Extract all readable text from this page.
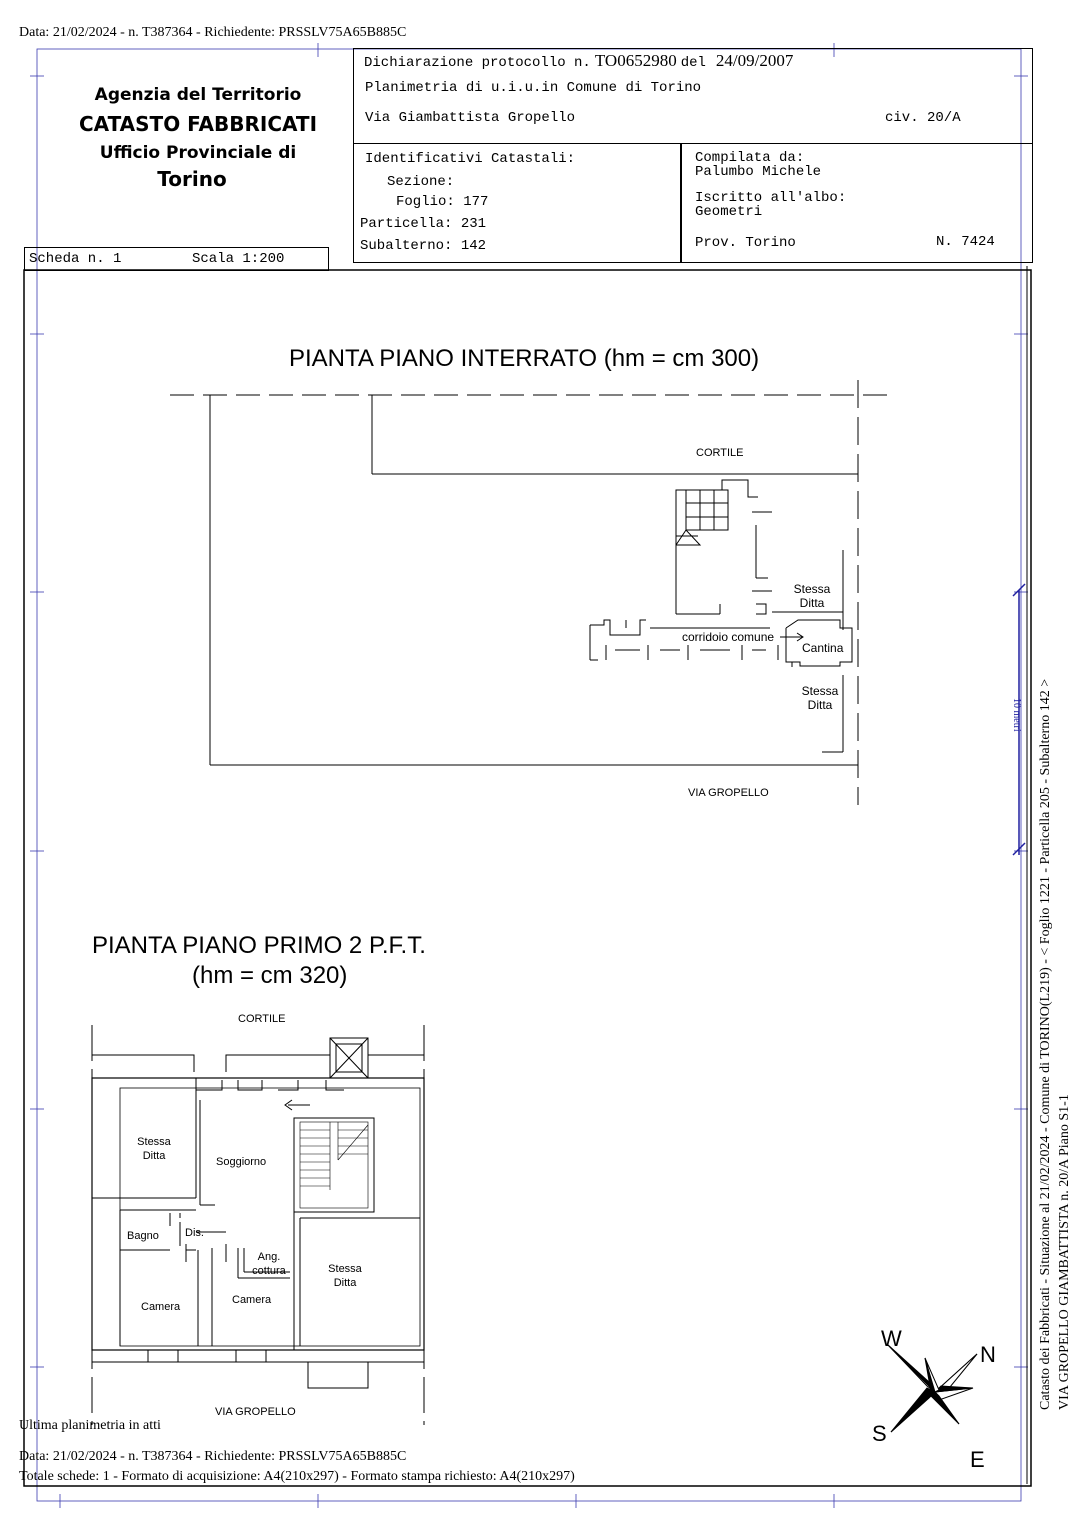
Data: 21/02/2024 - n. T387364 - Richiedente: PRSSLV75A65B885C
Agenzia del Territorio
CATASTO FABBRICATI
Ufficio Provinciale di
Torino
Scheda n. 1	Scala 1:200
Dichiarazione protocollo n. TO0652980 del 24/09/2007
Planimetria di u.i.u.in Comune di Torino
Via Giambattista Gropello	civ. 20/A
Identificativi Catastali:
Sezione:
Foglio: 177
Particella: 231
Subalterno: 142
Compilata da:
Palumbo Michele
Iscritto all'albo:
Geometri
Prov. Torino	N. 7424
PIANTA PIANO INTERRATO (hm = cm 300)
CORTILE
VIA GROPELLO
Stessa
Ditta
Stessa
Ditta
corridoio comune
Cantina
PIANTA PIANO PRIMO 2 P.F.T.
(hm = cm 320)
CORTILE
VIA GROPELLO
Stessa
Ditta	Soggiorno
Bagno Dis.
Ang.
cottura
Camera
Camera
Stessa
Ditta
10 metri
W
N
S
E
Catasto dei Fabbricati - Situazione al 21/02/2024 - Comune di TORINO(L219) - < Foglio 1221 - Particella 205 - Subalterno 142 > VIA GROPELLO GIAMBATTISTA n. 20/A Piano S1-1
Ultima planimetria in atti
Data: 21/02/2024 - n. T387364 - Richiedente: PRSSLV75A65B885C
Totale schede: 1 - Formato di acquisizione: A4(210x297) - Formato stampa richiesto: A4(210x297)
